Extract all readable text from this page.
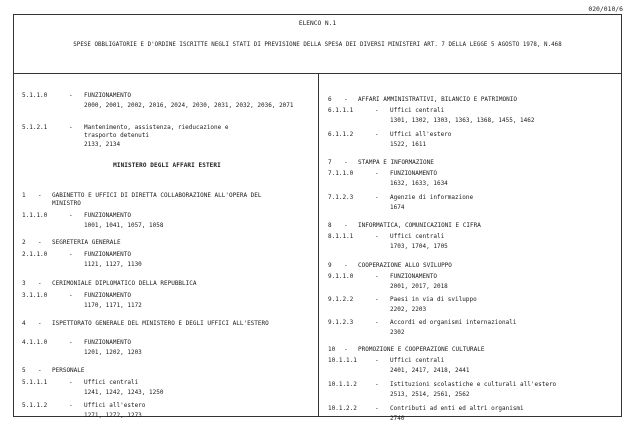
020/010/6
ELENCO N.1
SPESE OBBLIGATORIE E D'ORDINE ISCRITTE NEGLI STATI DI PREVISIONE DELLA SPESA DEI DIVERSI MINISTERI ART. 7 DELLA LEGGE 5 AGOSTO 1978, N.468
5.1.1.0	- FUNZIONAMENTO
2000, 2001, 2002, 2016, 2024, 2030, 2031, 2032, 2036, 2071
5.1.2.1	- Mantenimento, assistenza, rieducazione e
trasporto detenuti
2133, 2134
MINISTERO DEGLI AFFARI ESTERI
1 - GABINETTO E UFFICI DI DIRETTA COLLABORAZIONE ALL'OPERA DEL
MINISTRO
1.1.1.0	- FUNZIONAMENTO
1001, 1041, 1057, 1058
2 - SEGRETERIA GENERALE
2.1.1.0	- FUNZIONAMENTO
1121, 1127, 1130
3 - CERIMONIALE DIPLOMATICO DELLA REPUBBLICA
3.1.1.0	- FUNZIONAMENTO
1170, 1171, 1172
4 - ISPETTORATO GENERALE DEL MINISTERO E DEGLI UFFICI ALL'ESTERO
4.1.1.0	- FUNZIONAMENTO
1201, 1202, 1203
5 - PERSONALE
5.1.1.1	- Uffici centrali
1241, 1242, 1243, 1250
5.1.1.2	- Uffici all'estero
1271, 1272, 1273
6 - AFFARI AMMINISTRATIVI, BILANCIO E PATRIMONIO
6.1.1.1	- Uffici centrali
1301, 1302, 1303, 1363, 1368, 1455, 1462
6.1.1.2	- Uffici all'estero
1522, 1611
7 - STAMPA E INFORMAZIONE
7.1.1.0	- FUNZIONAMENTO
1632, 1633, 1634
7.1.2.3	- Agenzie di informazione
1674
8 - INFORMATICA, COMUNICAZIONI E CIFRA
8.1.1.1	- Uffici centrali
1703, 1704, 1705
9 - COOPERAZIONE ALLO SVILUPPO
9.1.1.0	- FUNZIONAMENTO
2001, 2017, 2018
9.1.2.2	- Paesi in via di sviluppo
2202, 2203
9.1.2.3	- Accordi ed organismi internazionali
2302
10 - PROMOZIONE E COOPERAZIONE CULTURALE
10.1.1.1	- Uffici centrali
2401, 2417, 2418, 2441
10.1.1.2	- Istituzioni scolastiche e culturali all'estero
2513, 2514, 2561, 2562
10.1.2.2	- Contributi ad enti ed altri organismi
2740
